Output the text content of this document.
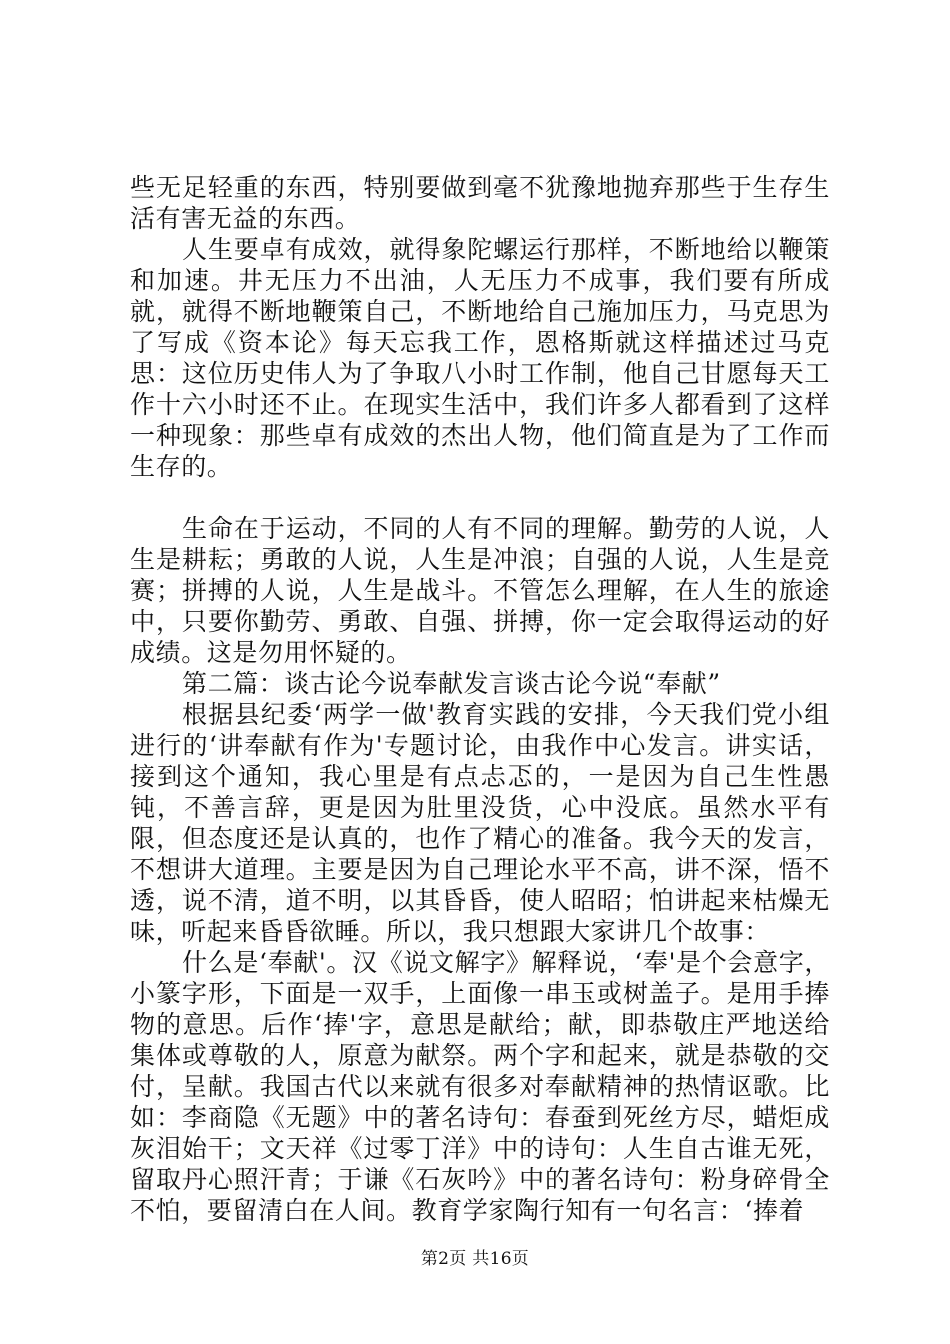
些无足轻重的东西，特别要做到毫不犹豫地抛弃那些于生存生活有害无益的东西。

人生要卓有成效，就得象陀螺运行那样，不断地给以鞭策和加速。井无压力不出油，人无压力不成事，我们要有所成就，就得不断地鞭策自己，不断地给自己施加压力，马克思为了写成《资本论》每天忘我工作，恩格斯就这样描述过马克思：这位历史伟人为了争取八小时工作制，他自己甘愿每天工作十六小时还不止。在现实生活中，我们许多人都看到了这样一种现象：那些卓有成效的杰出人物，他们简直是为了工作而生存的。

生命在于运动，不同的人有不同的理解。勤劳的人说，人生是耕耘；勇敢的人说，人生是冲浪；自强的人说，人生是竞赛；拼搏的人说，人生是战斗。不管怎么理解，在人生的旅途中，只要你勤劳、勇敢、自强、拼搏，你一定会取得运动的好成绩。这是勿用怀疑的。

第二篇：谈古论今说奉献发言谈古论今说“奉献”

根据县纪委‘两学一做'教育实践的安排，今天我们党小组进行的‘讲奉献有作为'专题讨论，由我作中心发言。讲实话，接到这个通知，我心里是有点忐忑的，一是因为自己生性愚钝，不善言辞，更是因为肚里没货，心中没底。虽然水平有限，但态度还是认真的，也作了精心的准备。我今天的发言，不想讲大道理。主要是因为自己理论水平不高，讲不深，悟不透，说不清，道不明，以其昏昏，使人昭昭；怕讲起来枯燥无味，听起来昏昏欲睡。所以，我只想跟大家讲几个故事：

什么是‘奉献'。汉《说文解字》解释说，‘奉'是个会意字，小篆字形，下面是一双手，上面像一串玉或树盖子。是用手捧物的意思。后作‘捧'字，意思是献给；献，即恭敬庄严地送给集体或尊敬的人，原意为献祭。两个字和起来，就是恭敬的交付，呈献。我国古代以来就有很多对奉献精神的热情讴歌。比如：李商隐《无题》中的著名诗句：春蚕到死丝方尽，蜡炬成灰泪始干；文天祥《过零丁洋》中的诗句：人生自古谁无死，留取丹心照汗青；于谦《石灰吟》中的著名诗句：粉身碎骨全不怕，要留清白在人间。教育学家陶行知有一句名言：‘捧着

第2页 共16页
